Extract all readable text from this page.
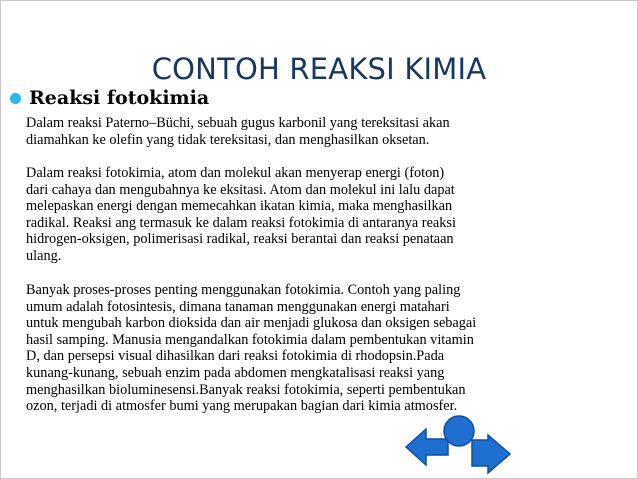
CONTOH REAKSI KIMIA
Reaksi fotokimia

Dalam reaksi Paterno–Büchi, sebuah gugus karbonil yang tereksitasi akan
diamahkan ke olefin yang tidak tereksitasi, dan menghasilkan oksetan.

Dalam reaksi fotokimia, atom dan molekul akan menyerap energi (foton)
dari cahaya dan mengubahnya ke eksitasi. Atom dan molekul ini lalu dapat
melepaskan energi dengan memecahkan ikatan kimia, maka menghasilkan
radikal. Reaksi ang termasuk ke dalam reaksi fotokimia di antaranya reaksi
hidrogen-oksigen, polimerisasi radikal, reaksi berantai dan reaksi penataan
ulang.

Banyak proses-proses penting menggunakan fotokimia. Contoh yang paling
umum adalah fotosintesis, dimana tanaman menggunakan energi matahari
untuk mengubah karbon dioksida dan air menjadi glukosa dan oksigen sebagai
hasil samping. Manusia mengandalkan fotokimia dalam pembentukan vitamin
D, dan persepsi visual dihasilkan dari reaksi fotokimia di rhodopsin.Pada
kunang-kunang, sebuah enzim pada abdomen mengkatalisasi reaksi yang
menghasilkan bioluminesensi.Banyak reaksi fotokimia, seperti pembentukan
ozon, terjadi di atmosfer bumi yang merupakan bagian dari kimia atmosfer.
